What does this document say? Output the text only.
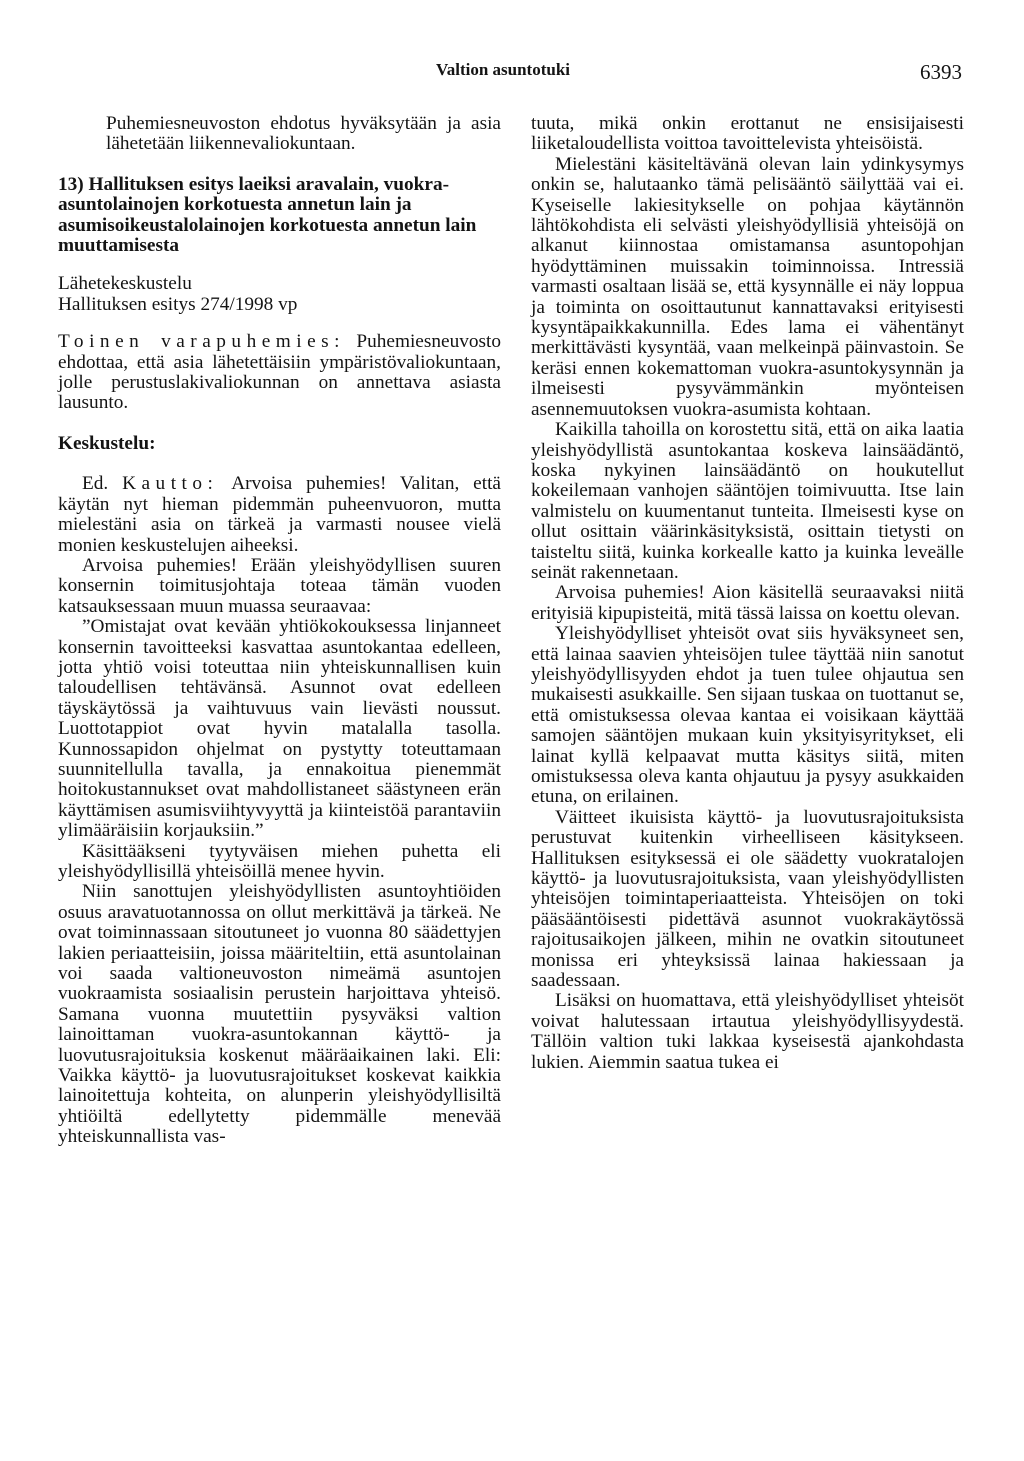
Valtion asuntotuki	6393

Puhemiesneuvoston ehdotus hyväksytään ja asia lähetetään liikennevaliokuntaan.

13) Hallituksen esitys laeiksi aravalain, vuokra-asuntolainojen korkotuesta annetun lain ja asumisoikeustalolainojen korkotuesta annetun lain muuttamisesta

Lähetekeskustelu
Hallituksen esitys 274/1998 vp

Toinen varapuhemies: Puhemiesneuvosto ehdottaa, että asia lähetettäisiin ympäristövaliokuntaan, jolle perustuslakivaliokunnan on annettava asiasta lausunto.

Keskustelu:

Ed. Kautto: Arvoisa puhemies! Valitan, että käytän nyt hieman pidemmän puheenvuoron, mutta mielestäni asia on tärkeä ja varmasti nousee vielä monien keskustelujen aiheeksi.

Arvoisa puhemies! Erään yleishyödyllisen suuren konsernin toimitusjohtaja toteaa tämän vuoden katsauksessaan muun muassa seuraavaa:

”Omistajat ovat kevään yhtiökokouksessa linjanneet konsernin tavoitteeksi kasvattaa asuntokantaa edelleen, jotta yhtiö voisi toteuttaa niin yhteiskunnallisen kuin taloudellisen tehtävänsä. Asunnot ovat edelleen täyskäytössä ja vaihtuvuus vain lievästi noussut. Luottotappiot ovat hyvin matalalla tasolla. Kunnossapidon ohjelmat on pystytty toteuttamaan suunnitellulla tavalla, ja ennakoitua pienemmät hoitokustannukset ovat mahdollistaneet säästyneen erän käyttämisen asumisviihtyvyyttä ja kiinteistöä parantaviin ylimääräisiin korjauksiin.”

Käsittääkseni tyytyväisen miehen puhetta eli yleishyödyllisillä yhteisöillä menee hyvin.

Niin sanottujen yleishyödyllisten asuntoyhtiöiden osuus aravatuotannossa on ollut merkittävä ja tärkeä. Ne ovat toiminnassaan sitoutuneet jo vuonna 80 säädettyjen lakien periaatteisiin, joissa määriteltiin, että asuntolainan voi saada valtioneuvoston nimeämä asuntojen vuokraamista sosiaalisin perustein harjoittava yhteisö. Samana vuonna muutettiin pysyväksi valtion lainoittaman vuokra-asuntokannan käyttö- ja luovutusrajoituksia koskenut määräaikainen laki. Eli: Vaikka käyttö- ja luovutusrajoitukset koskevat kaikkia lainoitettuja kohteita, on alunperin yleishyödyllisiltä yhtiöiltä edellytetty pidemmälle menevää yhteiskunnallista vas-

tuuta, mikä onkin erottanut ne ensisijaisesti liiketaloudellista voittoa tavoittelevista yhteisöistä.

Mielestäni käsiteltävänä olevan lain ydinkysymys onkin se, halutaanko tämä pelisääntö säilyttää vai ei. Kyseiselle lakiesitykselle on pohjaa käytännön lähtökohdista eli selvästi yleishyödyllisiä yhteisöjä on alkanut kiinnostaa omistamansa asuntopohjan hyödyttäminen muissakin toiminnoissa. Intressiä varmasti osaltaan lisää se, että kysynnälle ei näy loppua ja toiminta on osoittautunut kannattavaksi erityisesti kysyntäpaikkakunnilla. Edes lama ei vähentänyt merkittävästi kysyntää, vaan melkeinpä päinvastoin. Se keräsi ennen kokemattoman vuokra-asuntokysynnän ja ilmeisesti pysyvämmänkin myönteisen asennemuutoksen vuokra-asumista kohtaan.

Kaikilla tahoilla on korostettu sitä, että on aika laatia yleishyödyllistä asuntokantaa koskeva lainsäädäntö, koska nykyinen lainsäädäntö on houkutellut kokeilemaan vanhojen sääntöjen toimivuutta. Itse lain valmistelu on kuumentanut tunteita. Ilmeisesti kyse on ollut osittain väärinkäsityksistä, osittain tietysti on taisteltu siitä, kuinka korkealle katto ja kuinka leveälle seinät rakennetaan.

Arvoisa puhemies! Aion käsitellä seuraavaksi niitä erityisiä kipupisteitä, mitä tässä laissa on koettu olevan.

Yleishyödylliset yhteisöt ovat siis hyväksyneet sen, että lainaa saavien yhteisöjen tulee täyttää niin sanotut yleishyödyllisyyden ehdot ja tuen tulee ohjautua sen mukaisesti asukkaille. Sen sijaan tuskaa on tuottanut se, että omistuksessa olevaa kantaa ei voisikaan käyttää samojen sääntöjen mukaan kuin yksityisyritykset, eli lainat kyllä kelpaavat mutta käsitys siitä, miten omistuksessa oleva kanta ohjautuu ja pysyy asukkaiden etuna, on erilainen.

Väitteet ikuisista käyttö- ja luovutusrajoituksista perustuvat kuitenkin virheelliseen käsitykseen. Hallituksen esityksessä ei ole säädetty vuokratalojen käyttö- ja luovutusrajoituksista, vaan yleishyödyllisten yhteisöjen toimintaperiaatteista. Yhteisöjen on toki pääsääntöisesti pidettävä asunnot vuokrakäytössä rajoitusaikojen jälkeen, mihin ne ovatkin sitoutuneet monissa eri yhteyksissä lainaa hakiessaan ja saadessaan.

Lisäksi on huomattava, että yleishyödylliset yhteisöt voivat halutessaan irtautua yleishyödyllisyydestä. Tällöin valtion tuki lakkaa kyseisestä ajankohdasta lukien. Aiemmin saatua tukea ei
